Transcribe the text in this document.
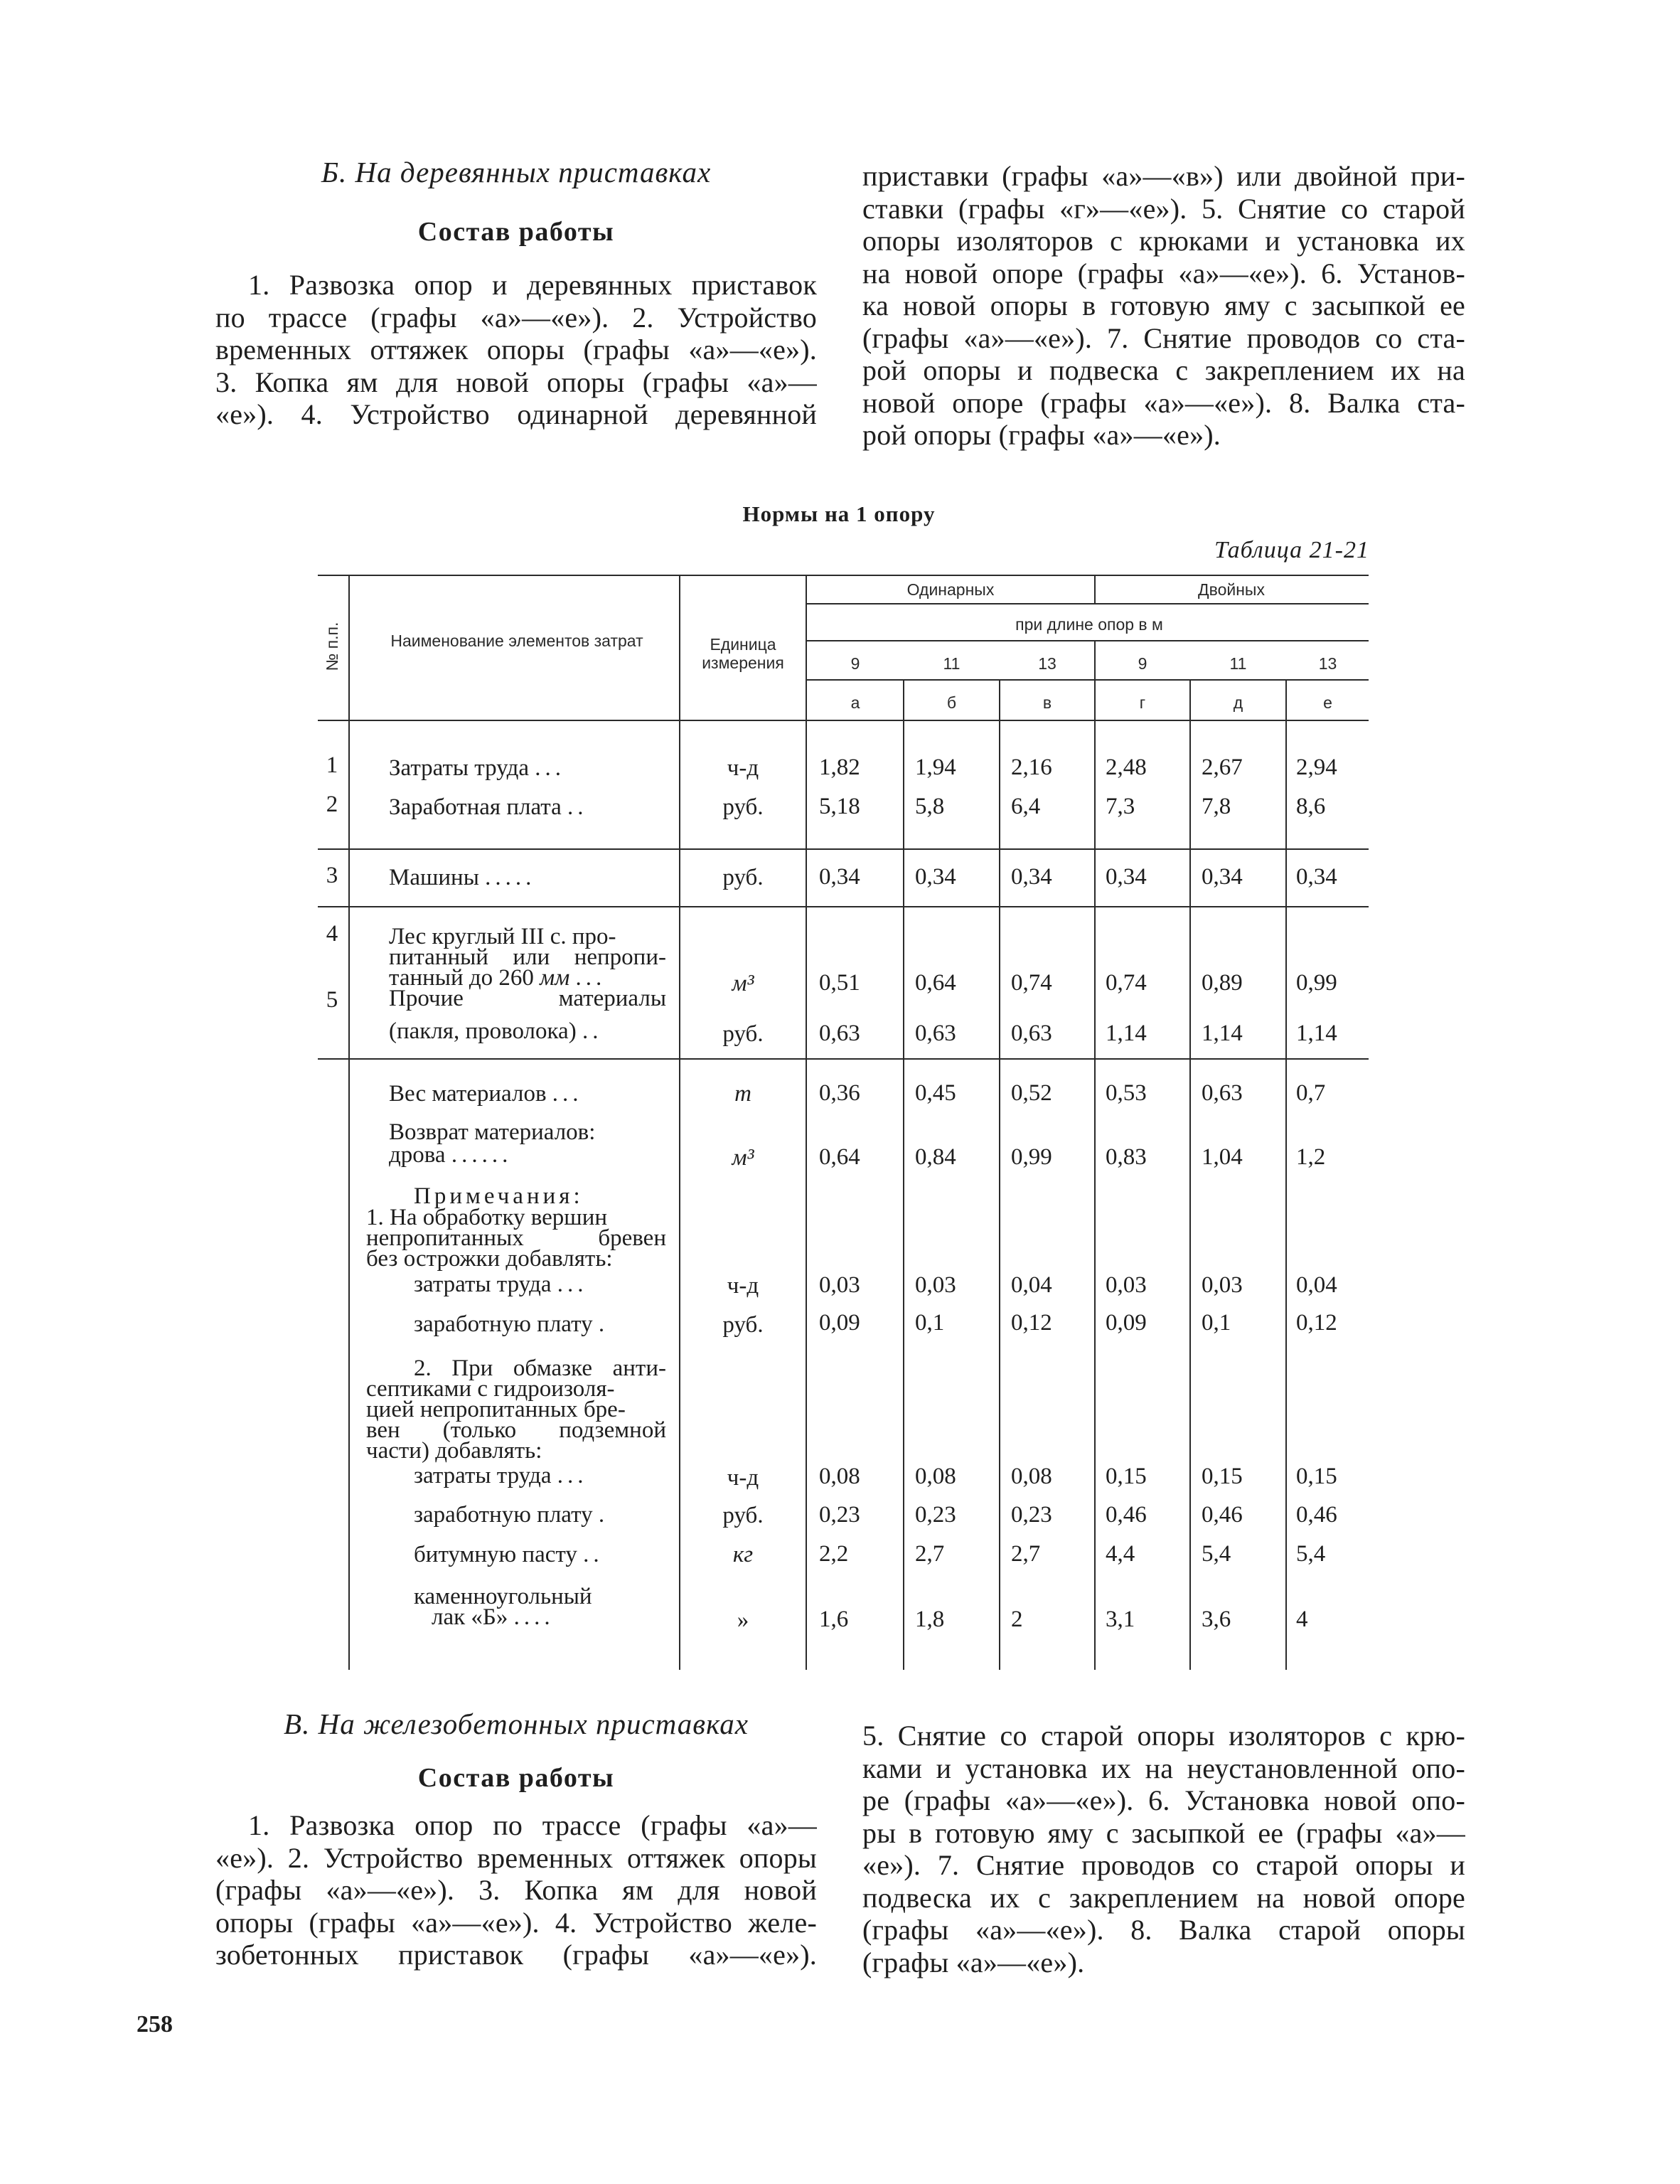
Б. На деревянных приставках

Состав работы

1. Развозка опор и деревянных приставок

по трассе (графы «а»—«е»). 2. Устройство

временных оттяжек опоры (графы «а»—«е»).

3. Копка ям для новой опоры (графы «а»—

«е»). 4. Устройство одинарной деревянной

приставки (графы «а»—«в») или двойной при-

ставки (графы «г»—«е»). 5. Снятие со старой

опоры изоляторов с крюками и установка их

на новой опоре (графы «а»—«е»). 6. Установ-

ка новой опоры в готовую яму с засыпкой ее

(графы «а»—«е»). 7. Снятие проводов со ста-

рой опоры и подвеска с закреплением их на

новой опоре (графы «а»—«е»). 8. Валка ста-

рой опоры (графы «а»—«е»).

Нормы на 1 опору
Таблица 21-21
№ п.п.	Наименование элементов затрат	Единица измерения
Одинарных	Двойных
при длине опор в м
9	11	13	9	11	13
а	б	в	г	д	е
1	Затраты труда ...	ч-д	1,82 1,94 2,16 2,48 2,67 2,94
2	Заработная плата ..	руб.	5,18 5,8	6,4	7,3	7,8	8,6
3	Машины .....	руб.	0,34 0,34 0,34 0,34 0,34 0,34
4	Лес круглый III с. про-
питанный или непропи-
танный до 260 мм ...	м³	0,51 0,64 0,74 0,74 0,89 0,99
5	Прочие материалы
(пакля, проволока) ..	руб.	0,63 0,63 0,63 1,14 1,14 1,14
Вес материалов ...	т	0,36 0,45 0,52 0,53 0,63 0,7
Возврат материалов:
дрова ......	м³	0,64 0,84 0,99 0,83 1,04 1,2
Примечания:
1. На обработку вершин
непропитанных бревен
без острожки добавлять:
затраты труда ...	ч-д	0,03 0,03 0,04 0,03 0,03 0,04
заработную плату .	руб.	0,09 0,1	0,12 0,09 0,1	0,12
2. При обмазке анти-
септиками с гидроизоля-
цией непропитанных бре-
вен (только подземной
части) добавлять:
затраты труда ...	ч-д	0,08 0,08 0,08 0,15 0,15 0,15
заработную плату .	руб.	0,23 0,23 0,23 0,46 0,46 0,46
битумную пасту ..	кг	2,2	2,7	2,7	4,4	5,4	5,4
каменноугольный
лак «Б» ....	»	1,6	1,8	2	3,1	3,6	4

В. На железобетонных приставках

Состав работы

1. Развозка опор по трассе (графы «а»—

«е»). 2. Устройство временных оттяжек опоры

(графы «а»—«е»). 3. Копка ям для новой

опоры (графы «а»—«е»). 4. Устройство желе-

зобетонных приставок (графы «а»—«е»).

5. Снятие со старой опоры изоляторов с крю-

ками и установка их на неустановленной опо-

ре (графы «а»—«е»). 6. Установка новой опо-

ры в готовую яму с засыпкой ее (графы «а»—

«е»). 7. Снятие проводов со старой опоры и

подвеска их с закреплением на новой опоре

(графы «а»—«е»). 8. Валка старой опоры

(графы «а»—«е»).

258
